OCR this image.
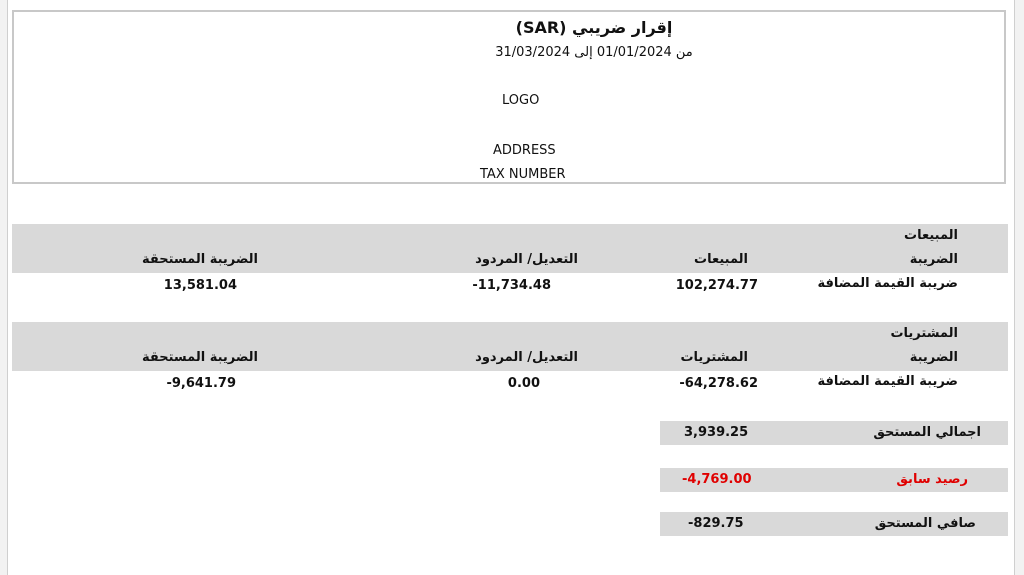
إقرار ضريبي (SAR)
من 01/01/2024 إلى 31/03/2024
LOGO
ADDRESS
TAX NUMBER
المبيعات
الضريبة
المبيعات
التعديل/ المردود
الضريبة المستحقة
ضريبة القيمة المضافة
102,274.77
-11,734.48
13,581.04
المشتريات
الضريبة
المشتريات
التعديل/ المردود
الضريبة المستحقة
ضريبة القيمة المضافة
-64,278.62
0.00
-9,641.79
اجمالي المستحق
3,939.25
رصيد سابق
-4,769.00
صافي المستحق
-829.75
